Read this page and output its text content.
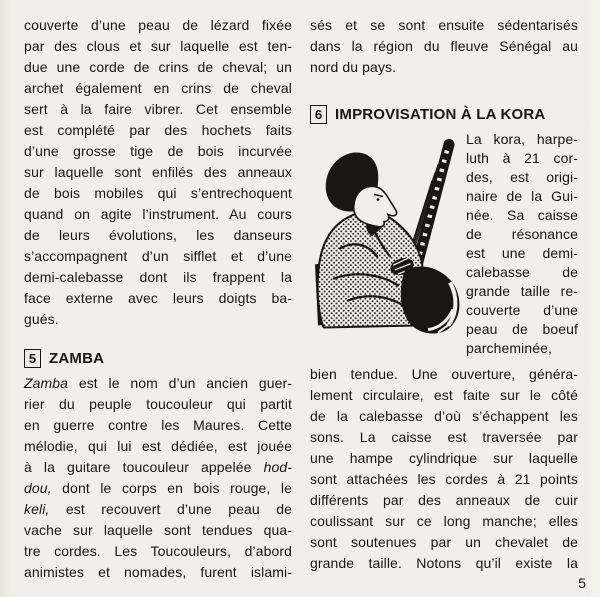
couverte d’une peau de lézard fixée
par des clous et sur laquelle est ten-
due une corde de crins de cheval; un
archet également en crins de cheval
sert à la faire vibrer. Cet ensemble
est complété par des hochets faits
d’une grosse tige de bois incurvée
sur laquelle sont enfilés des anneaux
de bois mobiles qui s’entrechoquent
quand on agite l’instrument. Au cours
de leurs évolutions, les danseurs
s’accompagnent d’un sifflet et d’une
demi-calebasse dont ils frappent la
face externe avec leurs doigts ba-
gués.
5 ZAMBA
Zamba est le nom d’un ancien guer-
rier du peuple toucouleur qui partit
en guerre contre les Maures. Cette
mélodie, qui lui est dédiée, est jouée
à la guitare toucouleur appelée hod-
dou, dont le corps en bois rouge, le
keli, est recouvert d’une peau de
vache sur laquelle sont tendues qua-
tre cordes. Les Toucouleurs, d’abord
animistes et nomades, furent islami-
sés et se sont ensuite sédentarisés
dans la région du fleuve Sénégal au
nord du pays.
6 IMPROVISATION À LA KORA
La kora, harpe-
luth à 21 cor-
des, est origi-
naire de la Gui-
née. Sa caisse
de résonance
est une demi-
calebasse de
grande taille re-
couverte d’une
peau de boeuf
parcheminée,
bien tendue. Une ouverture, généra-
lement circulaire, est faite sur le côté
de la calebasse d’où s’échappent les
sons. La caisse est traversée par
une hampe cylindrique sur laquelle
sont attachées les cordes à 21 points
différents par des anneaux de cuir
coulissant sur ce long manche; elles
sont soutenues par un chevalet de
grande taille. Notons qu’il existe la
5
